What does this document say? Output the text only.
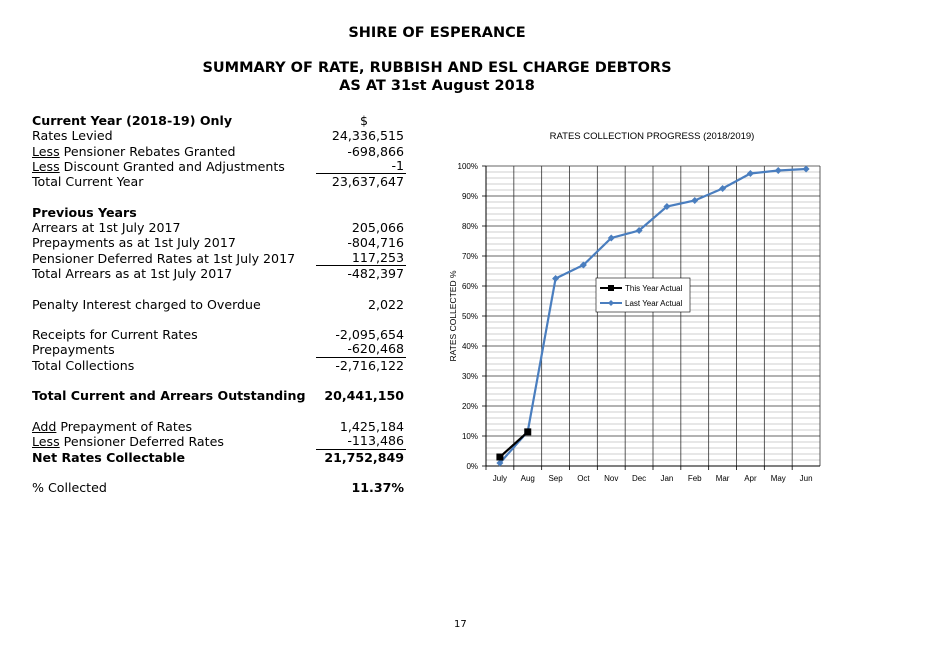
SHIRE OF ESPERANCE
SUMMARY OF RATE, RUBBISH AND ESL CHARGE DEBTORS
AS AT 31st August 2018
Current Year (2018-19) Only	$
Rates Levied	24,336,515
Less Pensioner Rebates Granted	-698,866
Less Discount Granted and Adjustments	-1
Total Current Year	23,637,647
Previous Years
Arrears at 1st July 2017	205,066
Prepayments as at 1st July 2017	-804,716
Pensioner Deferred Rates at 1st July 2017	117,253
Total Arrears as at 1st July 2017	-482,397
Penalty Interest charged to Overdue	2,022
Receipts for Current Rates	-2,095,654
Prepayments	-620,468
Total Collections	-2,716,122
Total Current and Arrears Outstanding 20,441,150
Add Prepayment of Rates	1,425,184
Less Pensioner Deferred Rates	-113,486
Net Rates Collectable	21,752,849
% Collected	11.37%
RATES COLLECTION PROGRESS (2018/2019)
0%
10%
20%
30%
40%
50%
60%
70%
80%
90%
100%
July Aug Sep Oct Nov Dec Jan Feb Mar Apr May Jun
This Year Actual
Last Year Actual
RATES COLLECTED %
17
